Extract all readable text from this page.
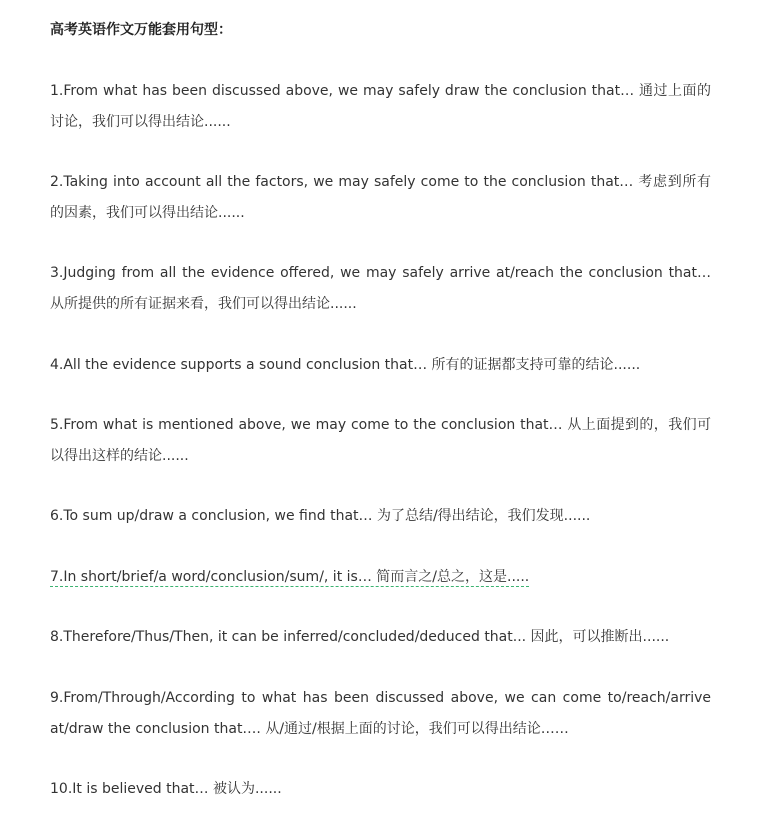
高考英语作文万能套用句型：
1.From what has been discussed above, we may safely draw the conclusion that… 通过上面的讨论，我们可以得出结论......
2.Taking into account all the factors, we may safely come to the conclusion that… 考虑到所有的因素，我们可以得出结论......
3.Judging from all the evidence offered, we may safely arrive at/reach the conclusion that… 从所提供的所有证据来看，我们可以得出结论......
4.All the evidence supports a sound conclusion that… 所有的证据都支持可靠的结论......
5.From what is mentioned above, we may come to the conclusion that… 从上面提到的，我们可以得出这样的结论......
6.To sum up/draw a conclusion, we find that… 为了总结/得出结论，我们发现......
7.In short/brief/a word/conclusion/sum/, it is… 简而言之/总之，这是.....
8.Therefore/Thus/Then, it can be inferred/concluded/deduced that... 因此，可以推断出......
9.From/Through/According to what has been discussed above, we can come to/reach/arrive at/draw the conclusion that…. 从/通过/根据上面的讨论，我们可以得出结论……
10.It is believed that… 被认为......
